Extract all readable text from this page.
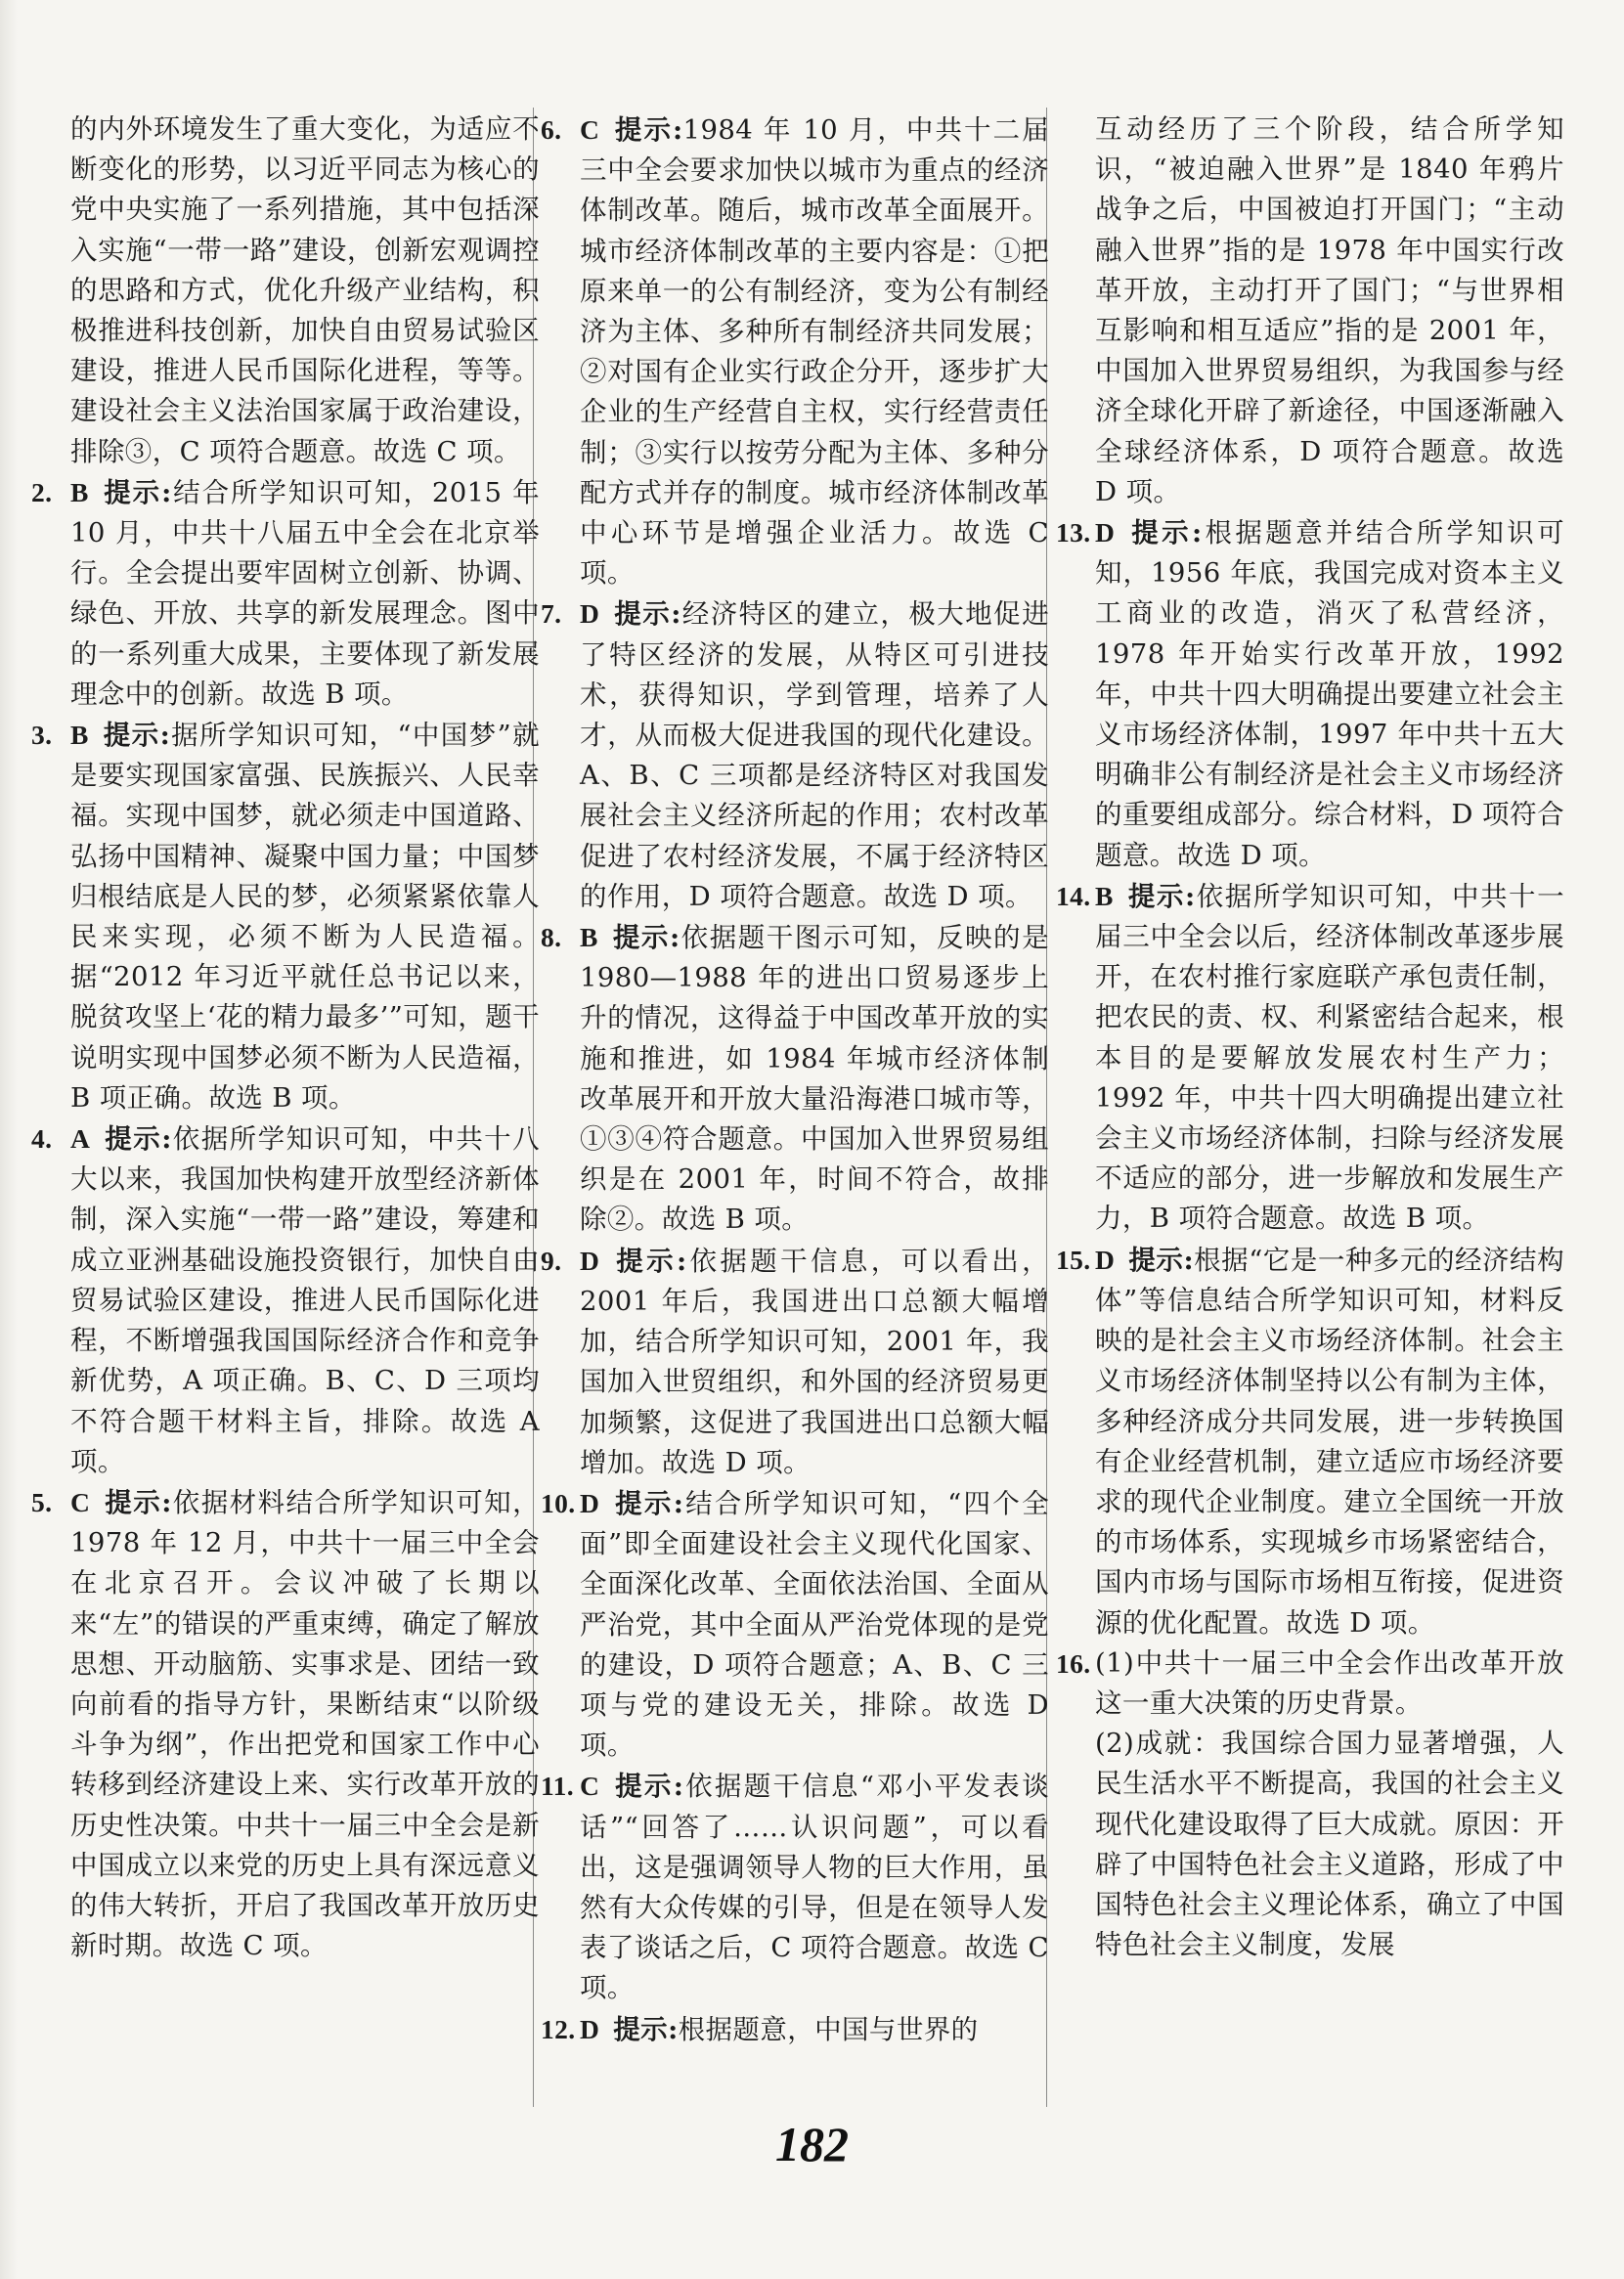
的内外环境发生了重大变化，为适应不断变化的形势，以习近平同志为核心的党中央实施了一系列措施，其中包括深入实施“一带一路”建设，创新宏观调控的思路和方式，优化升级产业结构，积极推进科技创新，加快自由贸易试验区建设，推进人民币国际化进程，等等。建设社会主义法治国家属于政治建设，排除③，C 项符合题意。故选 C 项。
2. B 提示:结合所学知识可知，2015 年 10 月，中共十八届五中全会在北京举行。全会提出要牢固树立创新、协调、绿色、开放、共享的新发展理念。图中的一系列重大成果，主要体现了新发展理念中的创新。故选 B 项。
3. B 提示:据所学知识可知，“中国梦”就是要实现国家富强、民族振兴、人民幸福。实现中国梦，就必须走中国道路、弘扬中国精神、凝聚中国力量；中国梦归根结底是人民的梦，必须紧紧依靠人民来实现，必须不断为人民造福。据“2012 年习近平就任总书记以来，脱贫攻坚上‘花的精力最多’”可知，题干说明实现中国梦必须不断为人民造福，B 项正确。故选 B 项。
4. A 提示:依据所学知识可知，中共十八大以来，我国加快构建开放型经济新体制，深入实施“一带一路”建设，筹建和成立亚洲基础设施投资银行，加快自由贸易试验区建设，推进人民币国际化进程，不断增强我国国际经济合作和竞争新优势，A 项正确。B、C、D 三项均不符合题干材料主旨，排除。故选 A 项。
5. C 提示:依据材料结合所学知识可知，1978 年 12 月，中共十一届三中全会在北京召开。会议冲破了长期以来“左”的错误的严重束缚，确定了解放思想、开动脑筋、实事求是、团结一致向前看的指导方针，果断结束“以阶级斗争为纲”，作出把党和国家工作中心转移到经济建设上来、实行改革开放的历史性决策。中共十一届三中全会是新中国成立以来党的历史上具有深远意义的伟大转折，开启了我国改革开放历史新时期。故选 C 项。
6. C 提示:1984 年 10 月，中共十二届三中全会要求加快以城市为重点的经济体制改革。随后，城市改革全面展开。城市经济体制改革的主要内容是：①把原来单一的公有制经济，变为公有制经济为主体、多种所有制经济共同发展；②对国有企业实行政企分开，逐步扩大企业的生产经营自主权，实行经营责任制；③实行以按劳分配为主体、多种分配方式并存的制度。城市经济体制改革中心环节是增强企业活力。故选 C 项。
7. D 提示:经济特区的建立，极大地促进了特区经济的发展，从特区可引进技术，获得知识，学到管理，培养了人才，从而极大促进我国的现代化建设。A、B、C 三项都是经济特区对我国发展社会主义经济所起的作用；农村改革促进了农村经济发展，不属于经济特区的作用，D 项符合题意。故选 D 项。
8. B 提示:依据题干图示可知，反映的是 1980—1988 年的进出口贸易逐步上升的情况，这得益于中国改革开放的实施和推进，如 1984 年城市经济体制改革展开和开放大量沿海港口城市等，①③④符合题意。中国加入世界贸易组织是在 2001 年，时间不符合，故排除②。故选 B 项。
9. D 提示:依据题干信息，可以看出，2001 年后，我国进出口总额大幅增加，结合所学知识可知，2001 年，我国加入世贸组织，和外国的经济贸易更加频繁，这促进了我国进出口总额大幅增加。故选 D 项。
10. D 提示:结合所学知识可知，“四个全面”即全面建设社会主义现代化国家、全面深化改革、全面依法治国、全面从严治党，其中全面从严治党体现的是党的建设，D 项符合题意；A、B、C 三项与党的建设无关，排除。故选 D 项。
11. C 提示:依据题干信息“邓小平发表谈话”“回答了……认识问题”，可以看出，这是强调领导人物的巨大作用，虽然有大众传媒的引导，但是在领导人发表了谈话之后，C 项符合题意。故选 C 项。
12. D 提示:根据题意，中国与世界的
互动经历了三个阶段，结合所学知识，“被迫融入世界”是 1840 年鸦片战争之后，中国被迫打开国门；“主动融入世界”指的是 1978 年中国实行改革开放，主动打开了国门；“与世界相互影响和相互适应”指的是 2001 年，中国加入世界贸易组织，为我国参与经济全球化开辟了新途径，中国逐渐融入全球经济体系，D 项符合题意。故选 D 项。
13. D 提示:根据题意并结合所学知识可知，1956 年底，我国完成对资本主义工商业的改造，消灭了私营经济，1978 年开始实行改革开放，1992 年，中共十四大明确提出要建立社会主义市场经济体制，1997 年中共十五大明确非公有制经济是社会主义市场经济的重要组成部分。综合材料，D 项符合题意。故选 D 项。
14. B 提示:依据所学知识可知，中共十一届三中全会以后，经济体制改革逐步展开，在农村推行家庭联产承包责任制，把农民的责、权、利紧密结合起来，根本目的是要解放发展农村生产力；1992 年，中共十四大明确提出建立社会主义市场经济体制，扫除与经济发展不适应的部分，进一步解放和发展生产力，B 项符合题意。故选 B 项。
15. D 提示:根据“它是一种多元的经济结构体”等信息结合所学知识可知，材料反映的是社会主义市场经济体制。社会主义市场经济体制坚持以公有制为主体，多种经济成分共同发展，进一步转换国有企业经营机制，建立适应市场经济要求的现代企业制度。建立全国统一开放的市场体系，实现城乡市场紧密结合，国内市场与国际市场相互衔接，促进资源的优化配置。故选 D 项。
16. (1)中共十一届三中全会作出改革开放这一重大决策的历史背景。
(2)成就：我国综合国力显著增强，人民生活水平不断提高，我国的社会主义现代化建设取得了巨大成就。原因：开辟了中国特色社会主义道路，形成了中国特色社会主义理论体系，确立了中国特色社会主义制度，发展
182
